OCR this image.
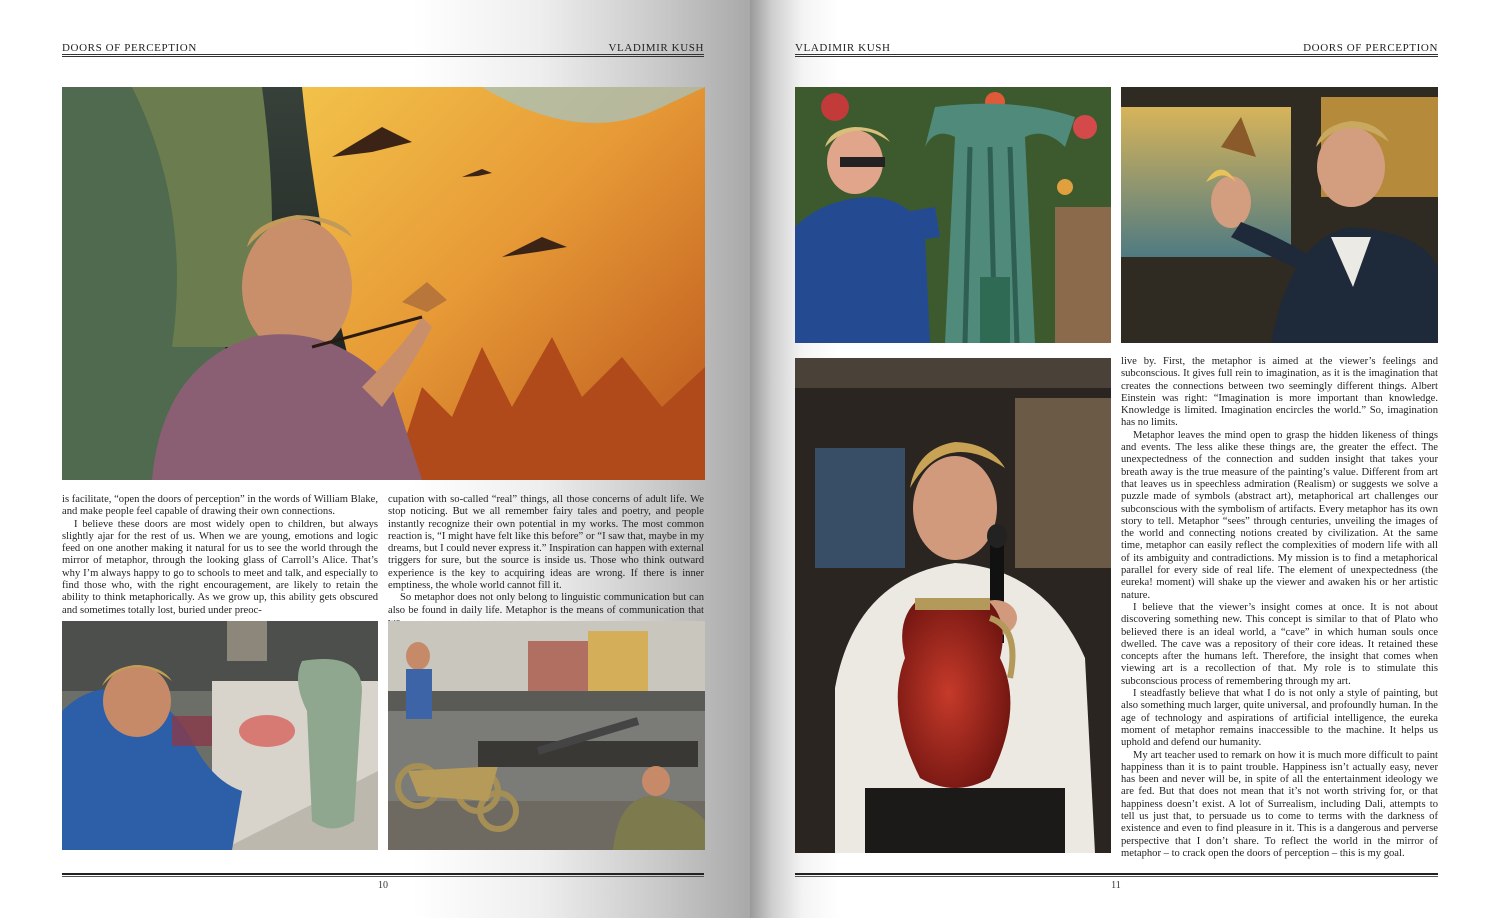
DOORS OF PERCEPTION	VLADIMIR KUSH

is facilitate, “open the doors of perception” in the words of William Blake, and make people feel capable of drawing their own connections.

I believe these doors are most widely open to children, but always slightly ajar for the rest of us. When we are young, emotions and logic feed on one another making it natural for us to see the world through the mirror of metaphor, through the looking glass of Carroll’s Alice. That’s why I’m always happy to go to schools to meet and talk, and especially to find those who, with the right encouragement, are likely to retain the ability to think metaphorically. As we grow up, this ability gets obscured and sometimes totally lost, buried under preoc-

cupation with so-called “real” things, all those concerns of adult life. We stop noticing. But we all remember fairy tales and poetry, and people instantly recognize their own potential in my works. The most common reaction is, “I might have felt like this before” or “I saw that, maybe in my dreams, but I could never express it.” Inspiration can happen with external triggers for sure, but the source is inside us. Those who think outward experience is the key to acquiring ideas are wrong. If there is inner emptiness, the whole world cannot fill it.

So metaphor does not only belong to linguistic communication but can also be found in daily life. Metaphor is the means of communication that

10
VLADIMIR KUSH	DOORS OF PERCEPTION

live by. First, the metaphor is aimed at the viewer’s feelings and subconscious. It gives full rein to imagination, as it is the imagination that creates the connections between two seemingly different things. Albert Einstein was right: “Imagination is more important than knowledge. Knowledge is limited. Imagination encircles the world.” So, imagination has no limits.

Metaphor leaves the mind open to grasp the hidden likeness of things and events. The less alike these things are, the greater the effect. The unexpectedness of the connection and sudden insight that takes your breath away is the true measure of the painting’s value. Different from art that leaves us in speechless admiration (Realism) or suggests we solve a puzzle made of symbols (abstract art), metaphorical art challenges our subconscious with the symbolism of artifacts. Every metaphor has its own story to tell. Metaphor “sees” through centuries, unveiling the images of the world and connecting notions created by civilization. At the same time, metaphor can easily reflect the complexities of modern life with all of its ambiguity and contradictions. My mission is to find a metaphorical parallel for every side of real life. The element of unexpectedness (the eureka! moment) will shake up the viewer and awaken his or her artistic nature.

I believe that the viewer’s insight comes at once. It is not about discovering something new. This concept is similar to that of Plato who believed there is an ideal world, a “cave” in which human souls once dwelled. The cave was a repository of their core ideas. It retained these concepts after the humans left. Therefore, the insight that comes when viewing art is a recollection of that. My role is to stimulate this subconscious process of remembering through my art.

I steadfastly believe that what I do is not only a style of painting, but also something much larger, quite universal, and profoundly human. In the age of technology and aspirations of artificial intelligence, the eureka moment of metaphor remains inaccessible to the machine. It helps us uphold and defend our humanity.

My art teacher used to remark on how it is much more difficult to paint happiness than it is to paint trouble. Happiness isn’t actually easy, never has been and never will be, in spite of all the entertainment ideology we are fed. But that does not mean that it’s not worth striving for, or that happiness doesn’t exist. A lot of Surrealism, including Dali, attempts to tell us just that, to persuade us to come to terms with the darkness of existence and even to find pleasure in it. This is a dangerous and perverse perspective that I don’t share. To reflect the world in the mirror of metaphor – to crack open the doors of perception – this is my goal.

11
